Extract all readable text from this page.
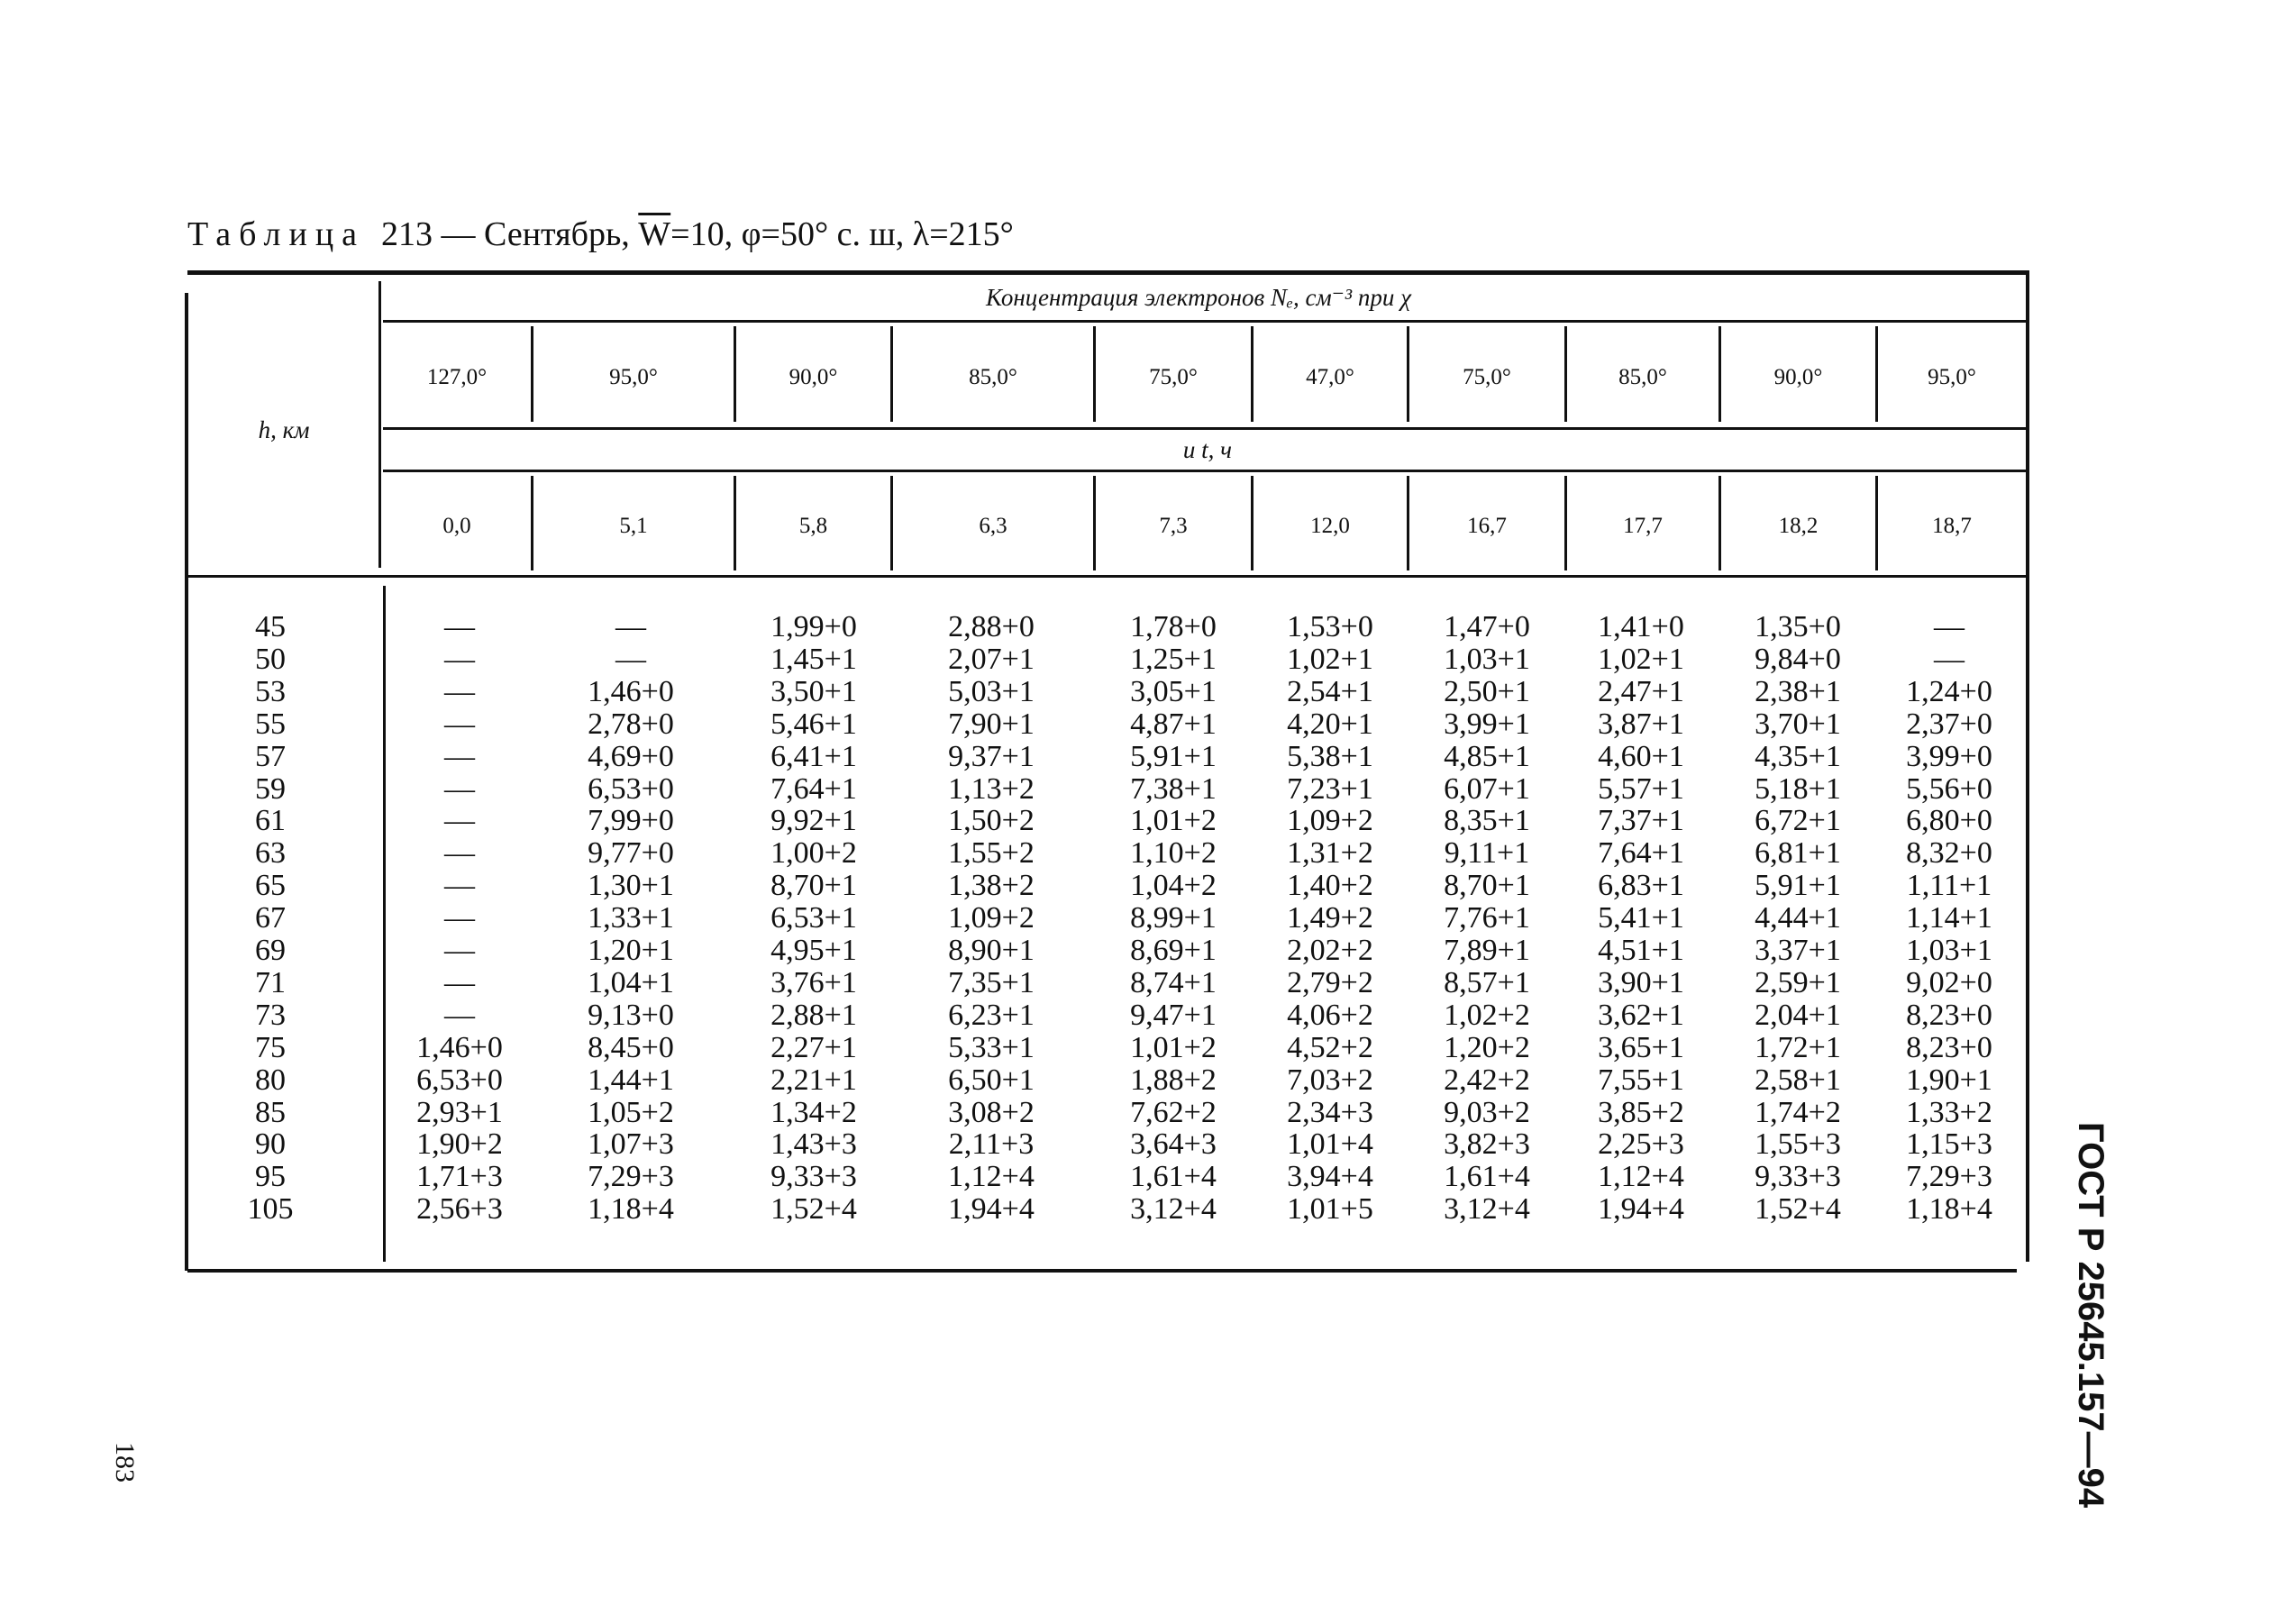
Таблица 213 — Сентябрь, $\overline{W}=10$, φ=50° с. ш, λ=215°
h, км
Концентрация электронов Nₑ, см⁻³ при χ
127,0°	95,0°	90,0°	85,0°	75,0°	47,0°	75,0°	85,0°	90,0°	95,0°
и t, ч
0,0	5,1	5,8	6,3	7,3	12,0	16,7	17,7	18,2	18,7
45	—	—	1,99+0	2,88+0	1,78+0	1,53+0	1,47+0	1,41+0	1,35+0	—
50	—	—	1,45+1	2,07+1	1,25+1	1,02+1	1,03+1	1,02+1	9,84+0	—
53	—	1,46+0	3,50+1	5,03+1	3,05+1	2,54+1	2,50+1	2,47+1	2,38+1	1,24+0
55	—	2,78+0	5,46+1	7,90+1	4,87+1	4,20+1	3,99+1	3,87+1	3,70+1	2,37+0
57	—	4,69+0	6,41+1	9,37+1	5,91+1	5,38+1	4,85+1	4,60+1	4,35+1	3,99+0
59	—	6,53+0	7,64+1	1,13+2	7,38+1	7,23+1	6,07+1	5,57+1	5,18+1	5,56+0
61	—	7,99+0	9,92+1	1,50+2	1,01+2	1,09+2	8,35+1	7,37+1	6,72+1	6,80+0
63	—	9,77+0	1,00+2	1,55+2	1,10+2	1,31+2	9,11+1	7,64+1	6,81+1	8,32+0
65	—	1,30+1	8,70+1	1,38+2	1,04+2	1,40+2	8,70+1	6,83+1	5,91+1	1,11+1
67	—	1,33+1	6,53+1	1,09+2	8,99+1	1,49+2	7,76+1	5,41+1	4,44+1	1,14+1
69	—	1,20+1	4,95+1	8,90+1	8,69+1	2,02+2	7,89+1	4,51+1	3,37+1	1,03+1
71	—	1,04+1	3,76+1	7,35+1	8,74+1	2,79+2	8,57+1	3,90+1	2,59+1	9,02+0
73	—	9,13+0	2,88+1	6,23+1	9,47+1	4,06+2	1,02+2	3,62+1	2,04+1	8,23+0
75	1,46+0	8,45+0	2,27+1	5,33+1	1,01+2	4,52+2	1,20+2	3,65+1	1,72+1	8,23+0
80	6,53+0	1,44+1	2,21+1	6,50+1	1,88+2	7,03+2	2,42+2	7,55+1	2,58+1	1,90+1
85	2,93+1	1,05+2	1,34+2	3,08+2	7,62+2	2,34+3	9,03+2	3,85+2	1,74+2	1,33+2
90	1,90+2	1,07+3	1,43+3	2,11+3	3,64+3	1,01+4	3,82+3	2,25+3	1,55+3	1,15+3
95	1,71+3	7,29+3	9,33+3	1,12+4	1,61+4	3,94+4	1,61+4	1,12+4	9,33+3	7,29+3
105	2,56+3	1,18+4	1,52+4	1,94+4	3,12+4	1,01+5	3,12+4	1,94+4	1,52+4	1,18+4	ГОСТ Р 25645.157—94
183
